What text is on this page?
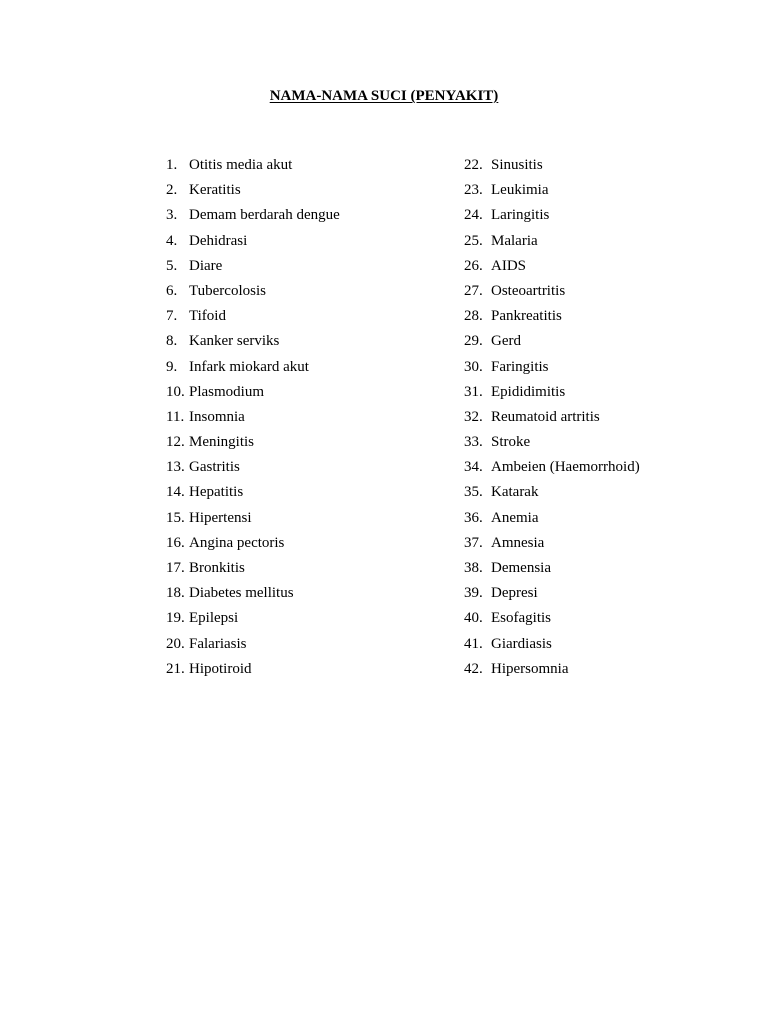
NAMA-NAMA SUCI (PENYAKIT)
1. Otitis media akut
2. Keratitis
3. Demam berdarah dengue
4. Dehidrasi
5. Diare
6. Tubercolosis
7. Tifoid
8. Kanker serviks
9. Infark miokard akut
10. Plasmodium
11. Insomnia
12. Meningitis
13. Gastritis
14. Hepatitis
15. Hipertensi
16. Angina pectoris
17. Bronkitis
18. Diabetes mellitus
19. Epilepsi
20. Falariasis
21. Hipotiroid
22. Sinusitis
23. Leukimia
24. Laringitis
25. Malaria
26. AIDS
27. Osteoartritis
28. Pankreatitis
29. Gerd
30. Faringitis
31. Epididimitis
32. Reumatoid artritis
33. Stroke
34. Ambeien (Haemorrhoid)
35. Katarak
36. Anemia
37. Amnesia
38. Demensia
39. Depresi
40. Esofagitis
41. Giardiasis
42. Hipersomnia
